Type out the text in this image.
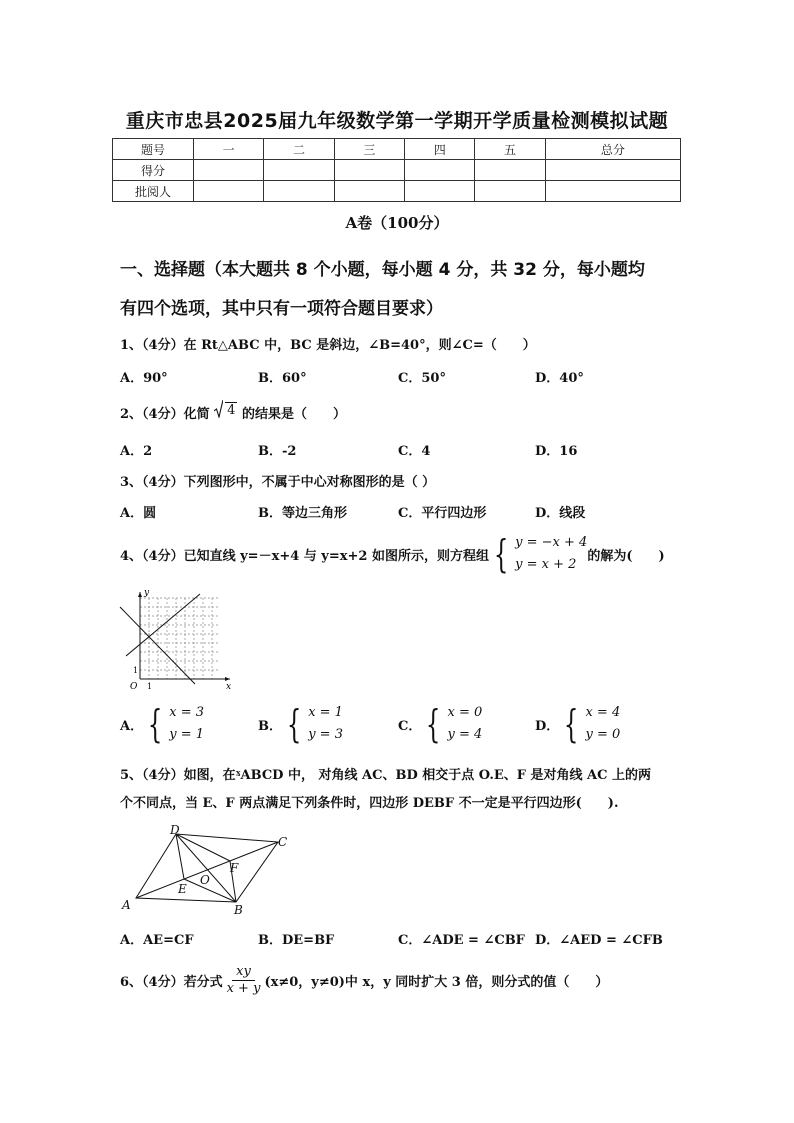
重庆市忠县2025届九年级数学第一学期开学质量检测模拟试题
题号	一	二	三	四	五	总分
得分						
批阅人						
A卷（100分）
一、选择题（本大题共 8 个小题，每小题 4 分，共 32 分，每小题均
有四个选项，其中只有一项符合题目要求）
1、（4分）在 Rt△ABC 中，BC 是斜边，∠B=40°，则∠C=（　　）
A．90°	B．60°	C．50°	D．40°
2、（4分）化简 4 的结果是（　　）
A．2	B．-2	C．4	D．16
3、（4分）下列图形中，不属于中心对称图形的是（ ）
A．圆	B．等边三角形	C．平行四边形	D．线段
4、（4分）已知直线 y=－x+4 与 y=x+2 如图所示，则方程组 { y = −x + 4
y = x + 2
的解为(　　)
y
x
O 1
1
A． { x = 3
y = 1
B． { x = 1
y = 3
C． { x = 0
y = 4
D． { x = 4
y = 0
5、（4分）如图，在ˠABCD 中， 对角线 AC、BD 相交于点 O.E、F 是对角线 AC 上的两
个不同点，当 E、F 两点满足下列条件时，四边形 DEBF 不一定是平行四边形(　　).
A	B
C
D
E
O
F
A．AE=CF	B．DE=BF	C．∠ADE = ∠CBF D．∠AED = ∠CFB
6、（4分）若分式 $\frac{xy}{x + y} (x\ne 0$，y≠0)中 x，y 同时扩大 3 倍，则分式的值（　　）
